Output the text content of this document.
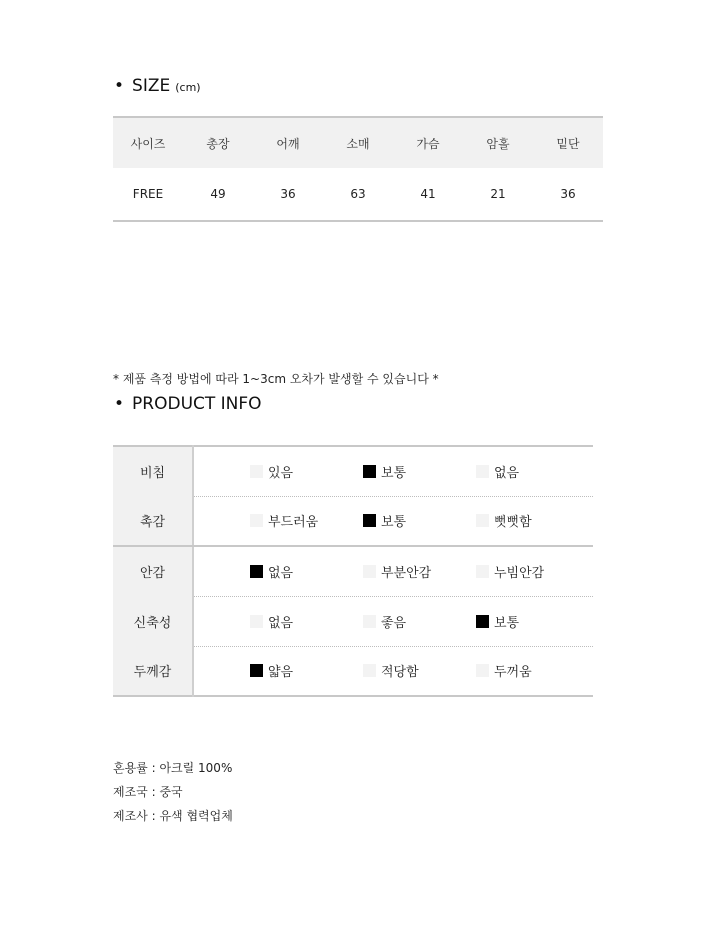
• SIZE (cm)
사이즈	총장	어깨	소매	가슴	암홀	밑단
FREE	49	36	63	41	21	36
* 제품 측정 방법에 따라 1~3cm 오차가 발생할 수 있습니다 *
• PRODUCT INFO
비침	있음 보통 없음

촉감	부드러움 보통 뻣뻣함

안감	없음 부분안감 누빔안감

신축성	없음 좋음 보통

두께감	얇음 적당함 두꺼움
혼용률 : 아크릴 100%
제조국 : 중국
제조사 : 유색 협력업체
